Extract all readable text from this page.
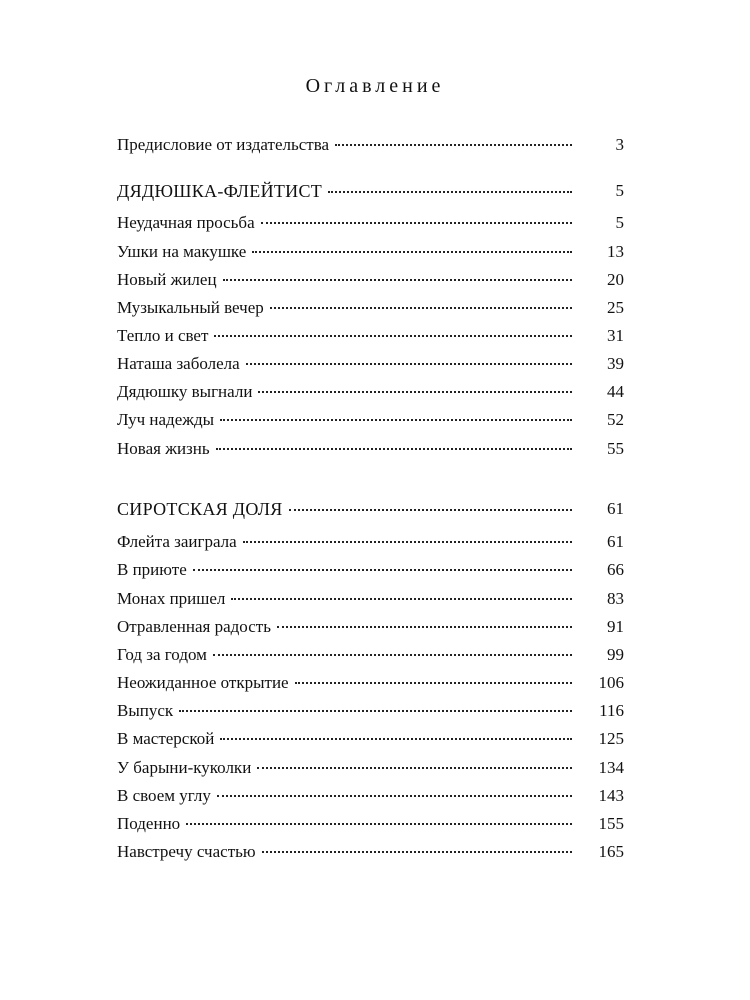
Оглавление
Предисловие от издательства	3
ДЯДЮШКА-ФЛЕЙТИСТ	5
Неудачная просьба	5
Ушки на макушке	13
Новый жилец	20
Музыкальный вечер	25
Тепло и свет	31
Наташа заболела	39
Дядюшку выгнали	44
Луч надежды	52
Новая жизнь	55
СИРОТСКАЯ ДОЛЯ	61
Флейта заиграла	61
В приюте	66
Монах пришел	83
Отравленная радость	91
Год за годом	99
Неожиданное открытие	106
Выпуск	116
В мастерской	125
У барыни-куколки	134
В своем углу	143
Поденно	155
Навстречу счастью	165
